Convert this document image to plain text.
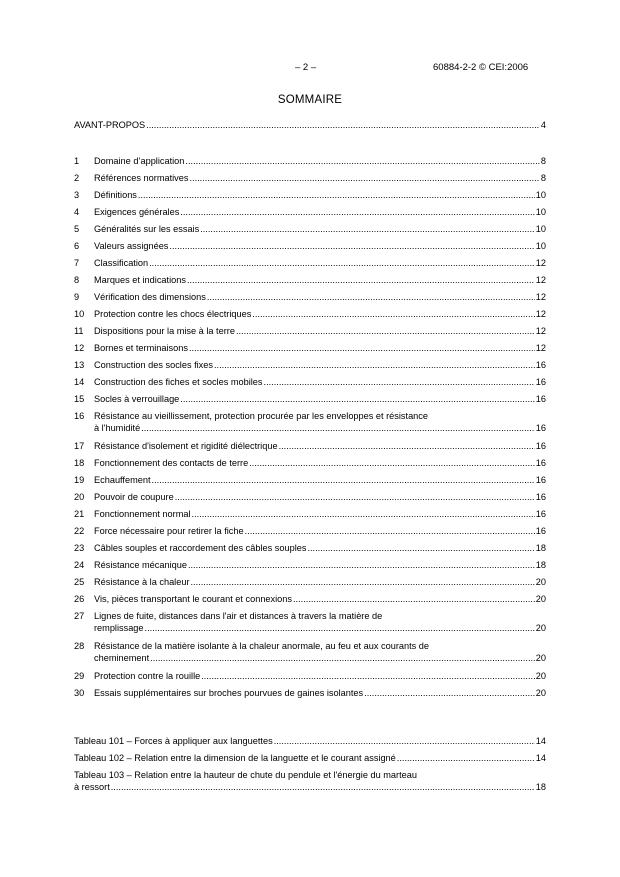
– 2 –	60884-2-2 © CEI:2006
SOMMAIRE
AVANT-PROPOS .....	4
1	Domaine d’application .....	8
2	Références normatives .....	8
3	Définitions .....	10
4	Exigences générales .....	10
5	Généralités sur les essais .....	10
6	Valeurs assignées .....	10
7	Classification .....	12
8	Marques et indications .....	12
9	Vérification des dimensions .....	12
10	Protection contre les chocs électriques .....	12
11	Dispositions pour la mise à la terre .....	12
12	Bornes et terminaisons .....	12
13	Construction des socles fixes .....	16
14	Construction des fiches et socles mobiles .....	16
15	Socles à verrouillage .....	16
16	Résistance au vieillissement, protection procurée par les enveloppes et résistance
à l'humidité .....	16
17	Résistance d'isolement et rigidité diélectrique .....	16
18	Fonctionnement des contacts de terre .....	16
19	Echauffement .....	16
20	Pouvoir de coupure .....	16
21	Fonctionnement normal .....	16
22	Force nécessaire pour retirer la fiche .....	16
23	Câbles souples et raccordement des câbles souples .....	18
24	Résistance mécanique .....	18
25	Résistance à la chaleur .....	20
26	Vis, pièces transportant le courant et connexions .....	20
27	Lignes de fuite, distances dans l'air et distances à travers la matière de
remplissage .....	20
28	Résistance de la matière isolante à la chaleur anormale, au feu et aux courants de
cheminement .....	20
29	Protection contre la rouille .....	20
30	Essais supplémentaires sur broches pourvues de gaines isolantes .....	20
Tableau 101 – Forces à appliquer aux languettes .....	14
Tableau 102 – Relation entre la dimension de la languette et le courant assigné .....	14
Tableau 103 – Relation entre la hauteur de chute du pendule et l'énergie du marteau
à ressort .....	18
